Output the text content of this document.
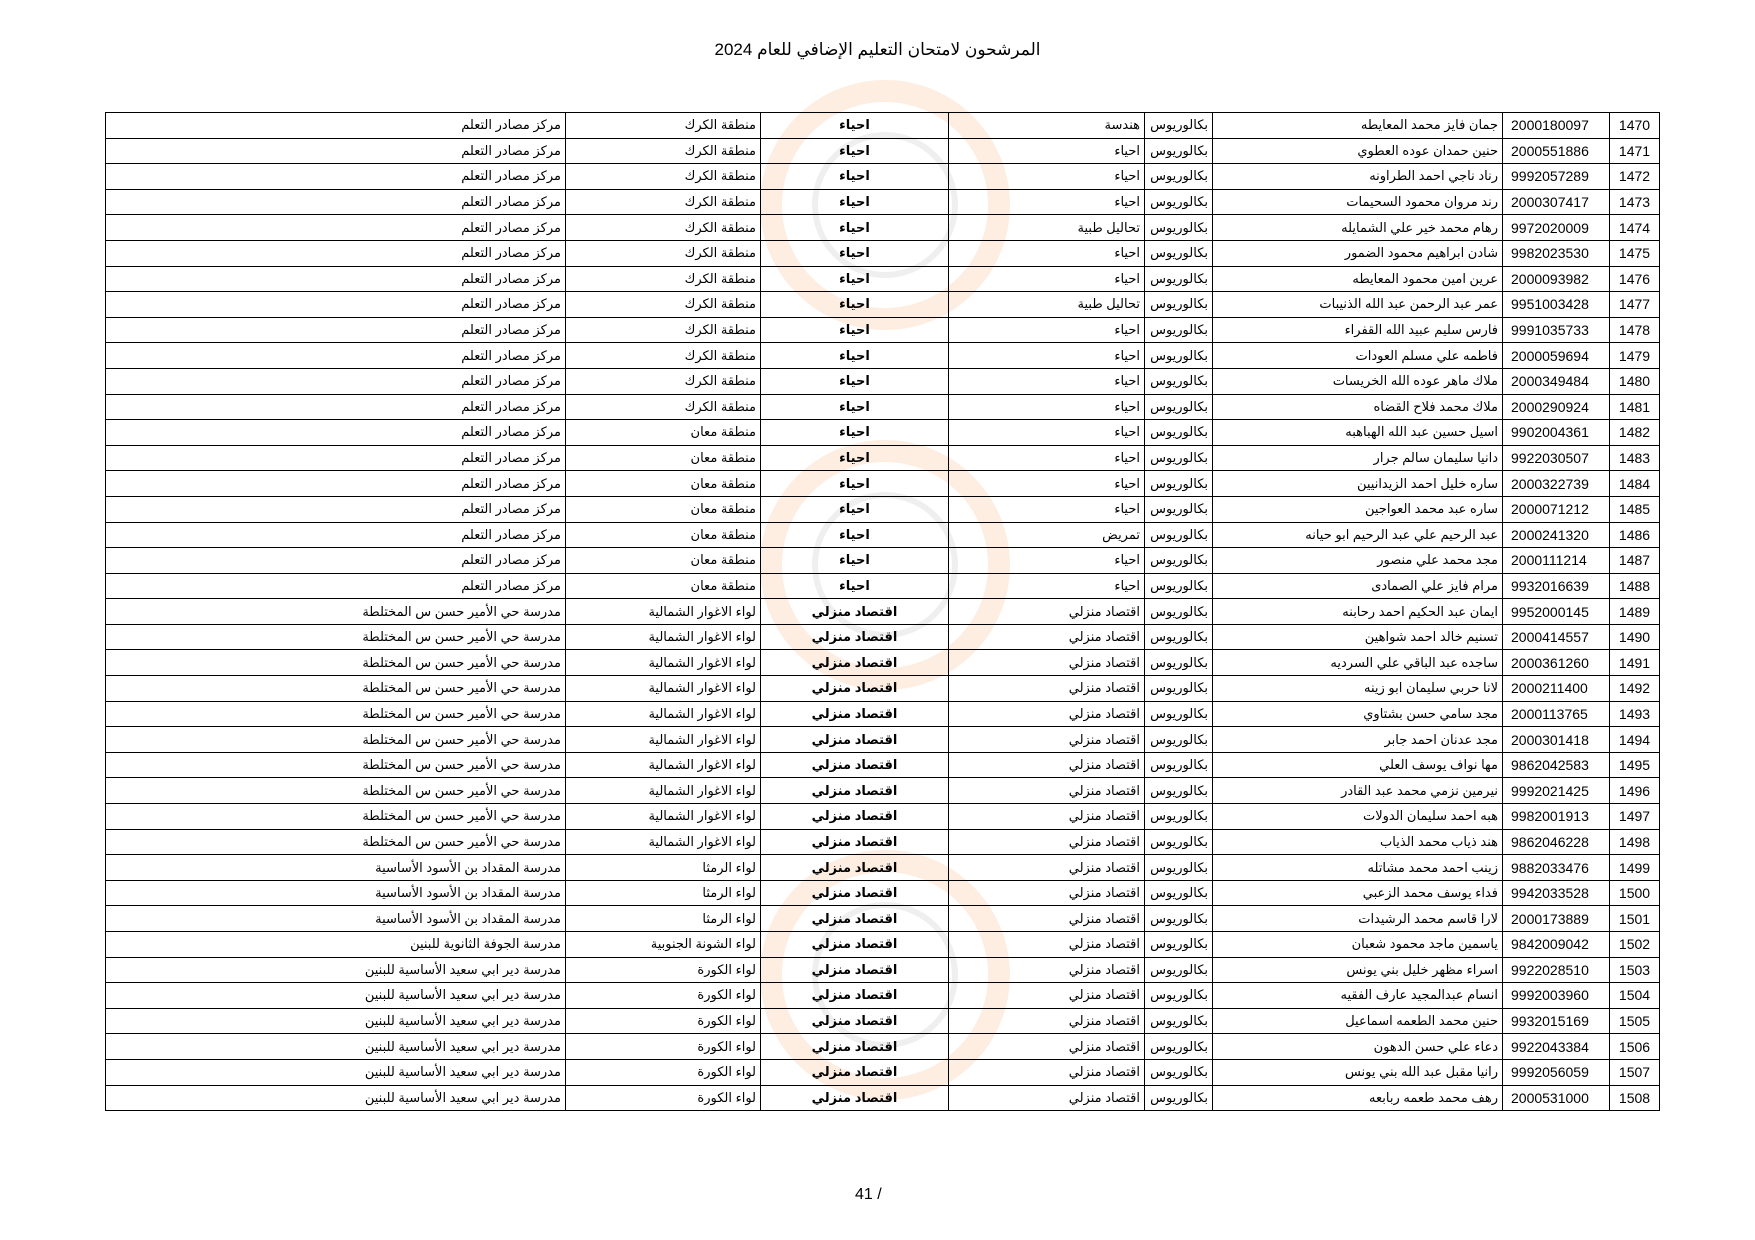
المرشحون لامتحان التعليم الإضافي للعام 2024
1470	2000180097	جمان فايز محمد المعايطه	بكالوريوس	هندسة	احياء	منطقة الكرك	مركز مصادر التعلم
1471	2000551886	حنين حمدان عوده العطوي	بكالوريوس	احياء	احياء	منطقة الكرك	مركز مصادر التعلم
1472	9992057289	رناد ناجي احمد الطراونه	بكالوريوس	احياء	احياء	منطقة الكرك	مركز مصادر التعلم
1473	2000307417	رند مروان محمود السحيمات	بكالوريوس	احياء	احياء	منطقة الكرك	مركز مصادر التعلم
1474	9972020009	رهام محمد خير علي الشمايله	بكالوريوس	تحاليل طبية	احياء	منطقة الكرك	مركز مصادر التعلم
1475	9982023530	شادن ابراهيم محمود الضمور	بكالوريوس	احياء	احياء	منطقة الكرك	مركز مصادر التعلم
1476	2000093982	عرين امين محمود المعايطه	بكالوريوس	احياء	احياء	منطقة الكرك	مركز مصادر التعلم
1477	9951003428	عمر عبد الرحمن عبد الله الذنيبات	بكالوريوس	تحاليل طبية	احياء	منطقة الكرك	مركز مصادر التعلم
1478	9991035733	فارس سليم عبيد الله القفراء	بكالوريوس	احياء	احياء	منطقة الكرك	مركز مصادر التعلم
1479	2000059694	فاطمه علي مسلم العودات	بكالوريوس	احياء	احياء	منطقة الكرك	مركز مصادر التعلم
1480	2000349484	ملاك ماهر عوده الله الخريسات	بكالوريوس	احياء	احياء	منطقة الكرك	مركز مصادر التعلم
1481	2000290924	ملاك محمد فلاح القضاه	بكالوريوس	احياء	احياء	منطقة الكرك	مركز مصادر التعلم
1482	9902004361	اسيل حسين عبد الله الهباهبه	بكالوريوس	احياء	احياء	منطقة معان	مركز مصادر التعلم
1483	9922030507	دانيا سليمان سالم جرار	بكالوريوس	احياء	احياء	منطقة معان	مركز مصادر التعلم
1484	2000322739	ساره خليل احمد الزيدانيين	بكالوريوس	احياء	احياء	منطقة معان	مركز مصادر التعلم
1485	2000071212	ساره عبد محمد العواجين	بكالوريوس	احياء	احياء	منطقة معان	مركز مصادر التعلم
1486	2000241320	عبد الرحيم علي عبد الرحيم ابو حيانه	بكالوريوس	تمريض	احياء	منطقة معان	مركز مصادر التعلم
1487	2000111214	مجد محمد علي منصور	بكالوريوس	احياء	احياء	منطقة معان	مركز مصادر التعلم
1488	9932016639	مرام فايز علي الصمادى	بكالوريوس	احياء	احياء	منطقة معان	مركز مصادر التعلم
1489	9952000145	ايمان عبد الحكيم احمد رحابنه	بكالوريوس	اقتصاد منزلي	اقتصاد منزلي	لواء الاغوار الشمالية	مدرسة حي الأمير حسن س المختلطة
1490	2000414557	تسنيم خالد احمد شواهين	بكالوريوس	اقتصاد منزلي	اقتصاد منزلي	لواء الاغوار الشمالية	مدرسة حي الأمير حسن س المختلطة
1491	2000361260	ساجده عبد الباقي علي السرديه	بكالوريوس	اقتصاد منزلي	اقتصاد منزلي	لواء الاغوار الشمالية	مدرسة حي الأمير حسن س المختلطة
1492	2000211400	لانا حربي سليمان ابو زينه	بكالوريوس	اقتصاد منزلي	اقتصاد منزلي	لواء الاغوار الشمالية	مدرسة حي الأمير حسن س المختلطة
1493	2000113765	مجد سامي حسن بشتاوي	بكالوريوس	اقتصاد منزلي	اقتصاد منزلي	لواء الاغوار الشمالية	مدرسة حي الأمير حسن س المختلطة
1494	2000301418	مجد عدنان احمد جابر	بكالوريوس	اقتصاد منزلي	اقتصاد منزلي	لواء الاغوار الشمالية	مدرسة حي الأمير حسن س المختلطة
1495	9862042583	مها نواف يوسف العلي	بكالوريوس	اقتصاد منزلي	اقتصاد منزلي	لواء الاغوار الشمالية	مدرسة حي الأمير حسن س المختلطة
1496	9992021425	نيرمين نزمي محمد عبد القادر	بكالوريوس	اقتصاد منزلي	اقتصاد منزلي	لواء الاغوار الشمالية	مدرسة حي الأمير حسن س المختلطة
1497	9982001913	هبه احمد سليمان الدولات	بكالوريوس	اقتصاد منزلي	اقتصاد منزلي	لواء الاغوار الشمالية	مدرسة حي الأمير حسن س المختلطة
1498	9862046228	هند ذياب محمد الذياب	بكالوريوس	اقتصاد منزلي	اقتصاد منزلي	لواء الاغوار الشمالية	مدرسة حي الأمير حسن س المختلطة
1499	9882033476	زينب احمد محمد مشاتله	بكالوريوس	اقتصاد منزلي	اقتصاد منزلي	لواء الرمثا	مدرسة المقداد بن الأسود الأساسية
1500	9942033528	فداء يوسف محمد الزعبي	بكالوريوس	اقتصاد منزلي	اقتصاد منزلي	لواء الرمثا	مدرسة المقداد بن الأسود الأساسية
1501	2000173889	لارا قاسم محمد الرشيدات	بكالوريوس	اقتصاد منزلي	اقتصاد منزلي	لواء الرمثا	مدرسة المقداد بن الأسود الأساسية
1502	9842009042	ياسمين ماجد محمود شعبان	بكالوريوس	اقتصاد منزلي	اقتصاد منزلي	لواء الشونة الجنوبية	مدرسة الجوفة الثانوية للبنين
1503	9922028510	اسراء مظهر خليل بني يونس	بكالوريوس	اقتصاد منزلي	اقتصاد منزلي	لواء الكورة	مدرسة دير ابي سعيد الأساسية للبنين
1504	9992003960	انسام عبدالمجيد عارف الفقيه	بكالوريوس	اقتصاد منزلي	اقتصاد منزلي	لواء الكورة	مدرسة دير ابي سعيد الأساسية للبنين
1505	9932015169	حنين محمد الطعمه اسماعيل	بكالوريوس	اقتصاد منزلي	اقتصاد منزلي	لواء الكورة	مدرسة دير ابي سعيد الأساسية للبنين
1506	9922043384	دعاء علي حسن الدهون	بكالوريوس	اقتصاد منزلي	اقتصاد منزلي	لواء الكورة	مدرسة دير ابي سعيد الأساسية للبنين
1507	9992056059	رانيا مقبل عبد الله بني يونس	بكالوريوس	اقتصاد منزلي	اقتصاد منزلي	لواء الكورة	مدرسة دير ابي سعيد الأساسية للبنين
1508	2000531000	رهف محمد طعمه ربابعه	بكالوريوس	اقتصاد منزلي	اقتصاد منزلي	لواء الكورة	مدرسة دير ابي سعيد الأساسية للبنين
41 /
